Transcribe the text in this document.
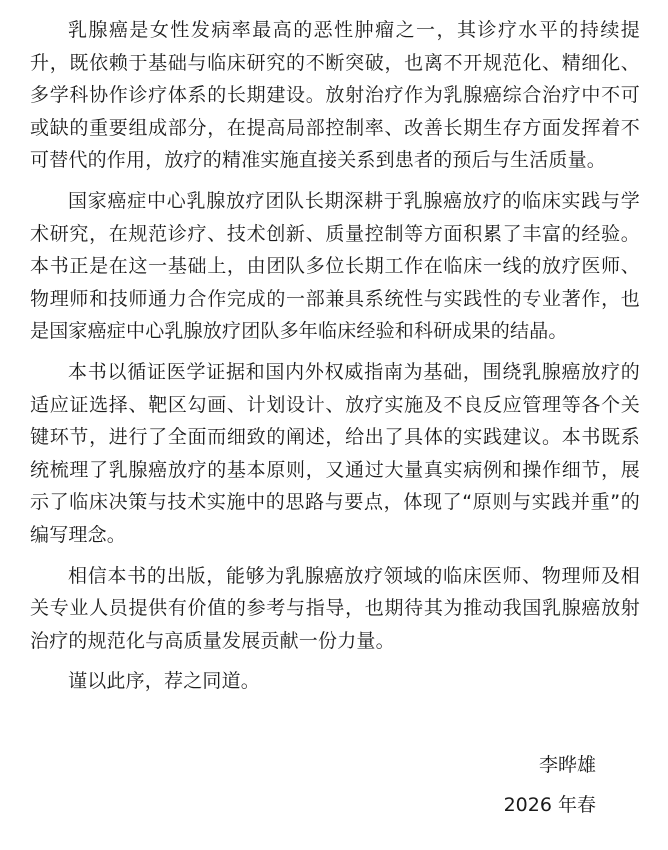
乳腺癌是女性发病率最高的恶性肿瘤之一，其诊疗水平的持续提升，既依赖于基础与临床研究的不断突破，也离不开规范化、精细化、多学科协作诊疗体系的长期建设。放射治疗作为乳腺癌综合治疗中不可或缺的重要组成部分，在提高局部控制率、改善长期生存方面发挥着不可替代的作用，放疗的精准实施直接关系到患者的预后与生活质量。

国家癌症中心乳腺放疗团队长期深耕于乳腺癌放疗的临床实践与学术研究，在规范诊疗、技术创新、质量控制等方面积累了丰富的经验。本书正是在这一基础上，由团队多位长期工作在临床一线的放疗医师、物理师和技师通力合作完成的一部兼具系统性与实践性的专业著作，也是国家癌症中心乳腺放疗团队多年临床经验和科研成果的结晶。

本书以循证医学证据和国内外权威指南为基础，围绕乳腺癌放疗的适应证选择、靶区勾画、计划设计、放疗实施及不良反应管理等各个关键环节，进行了全面而细致的阐述，给出了具体的实践建议。本书既系统梳理了乳腺癌放疗的基本原则，又通过大量真实病例和操作细节，展示了临床决策与技术实施中的思路与要点，体现了“原则与实践并重”的编写理念。

相信本书的出版，能够为乳腺癌放疗领域的临床医师、物理师及相关专业人员提供有价值的参考与指导，也期待其为推动我国乳腺癌放射治疗的规范化与高质量发展贡献一份力量。

谨以此序，荐之同道。

李晔雄
2026 年春
